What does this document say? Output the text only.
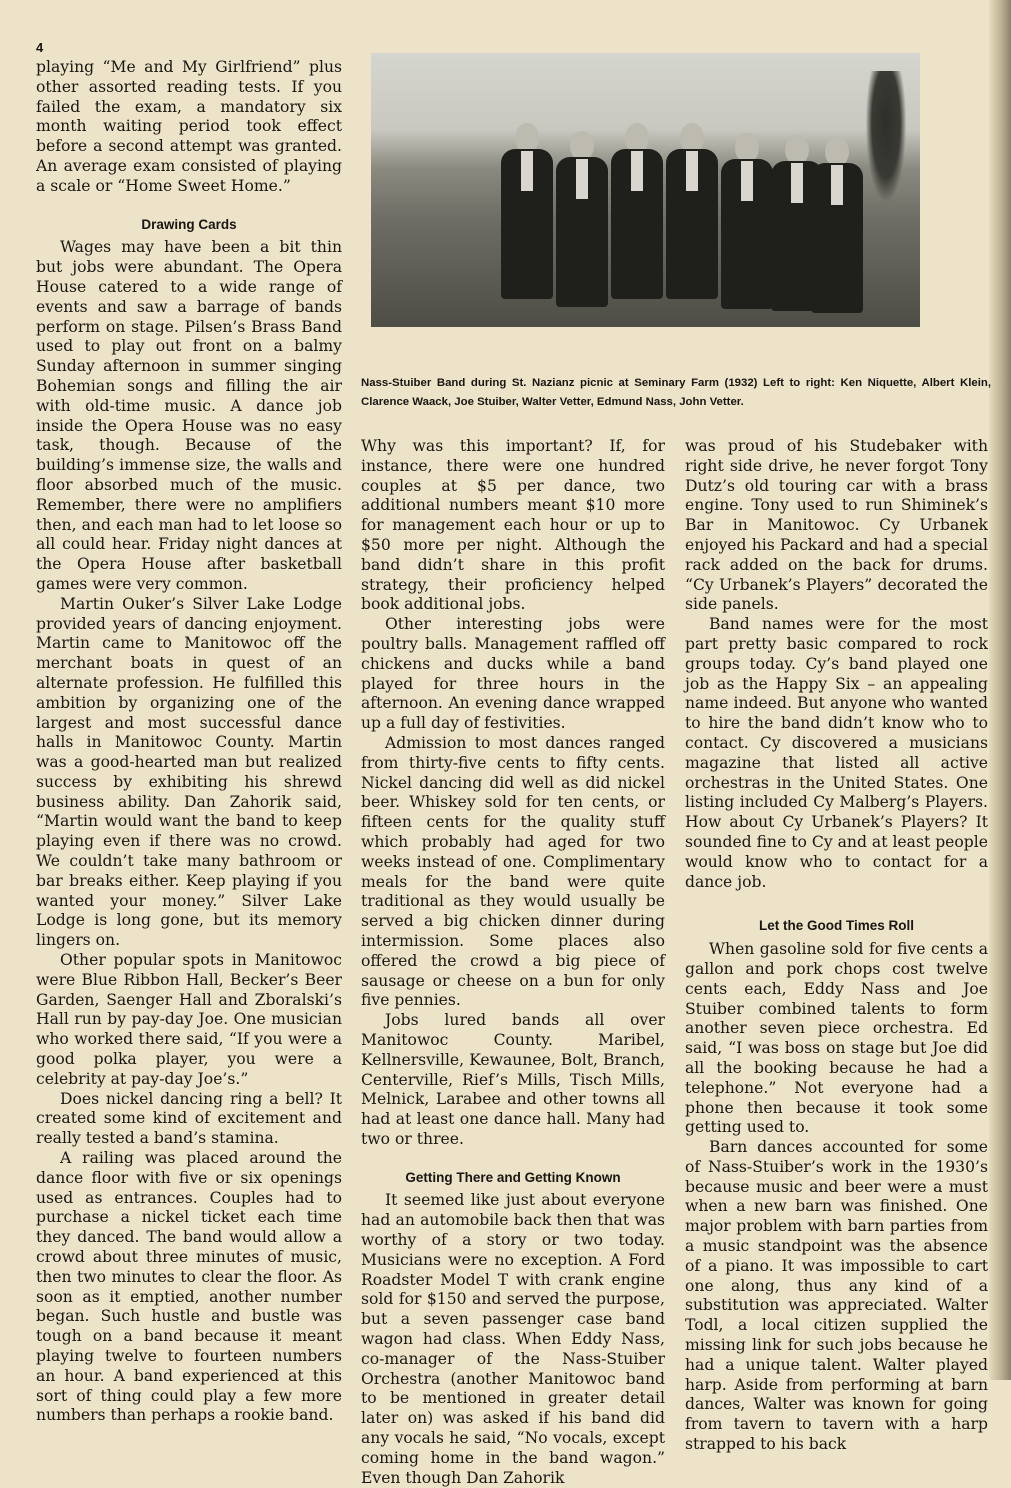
4

playing “Me and My Girlfriend” plus other assorted reading tests. If you failed the exam, a mandatory six month waiting period took effect before a second attempt was granted. An average exam consisted of playing a scale or “Home Sweet Home.”

Drawing Cards

Wages may have been a bit thin but jobs were abundant. The Opera House catered to a wide range of events and saw a barrage of bands perform on stage. Pilsen’s Brass Band used to play out front on a balmy Sunday afternoon in summer singing Bohemian songs and filling the air with old-time music. A dance job inside the Opera House was no easy task, though. Because of the building’s immense size, the walls and floor absorbed much of the music. Remember, there were no amplifiers then, and each man had to let loose so all could hear. Friday night dances at the Opera House after basketball games were very common.

Martin Ouker’s Silver Lake Lodge provided years of dancing enjoyment. Martin came to Manitowoc off the merchant boats in quest of an alternate profession. He fulfilled this ambition by organizing one of the largest and most successful dance halls in Manitowoc County. Martin was a good-hearted man but realized success by exhibiting his shrewd business ability. Dan Zahorik said, “Martin would want the band to keep playing even if there was no crowd. We couldn’t take many bathroom or bar breaks either. Keep playing if you wanted your money.” Silver Lake Lodge is long gone, but its memory lingers on.

Other popular spots in Manitowoc were Blue Ribbon Hall, Becker’s Beer Garden, Saenger Hall and Zboralski’s Hall run by pay-day Joe. One musician who worked there said, “If you were a good polka player, you were a celebrity at pay-day Joe’s.”

Does nickel dancing ring a bell? It created some kind of excitement and really tested a band’s stamina.

A railing was placed around the dance floor with five or six openings used as entrances. Couples had to purchase a nickel ticket each time they danced. The band would allow a crowd about three minutes of music, then two minutes to clear the floor. As soon as it emptied, another number began. Such hustle and bustle was tough on a band because it meant playing twelve to fourteen numbers an hour. A band experienced at this sort of thing could play a few more numbers than perhaps a rookie band.

Nass-Stuiber Band during St. Nazianz picnic at Seminary Farm (1932) Left to right: Ken Niquette, Albert Klein, Clarence Waack, Joe Stuiber, Walter Vetter, Edmund Nass, John Vetter.

Why was this important? If, for instance, there were one hundred couples at $5 per dance, two additional numbers meant $10 more for management each hour or up to $50 more per night. Although the band didn’t share in this profit strategy, their proficiency helped book additional jobs.

Other interesting jobs were poultry balls. Management raffled off chickens and ducks while a band played for three hours in the afternoon. An evening dance wrapped up a full day of festivities.

Admission to most dances ranged from thirty-five cents to fifty cents. Nickel dancing did well as did nickel beer. Whiskey sold for ten cents, or fifteen cents for the quality stuff which probably had aged for two weeks instead of one. Complimentary meals for the band were quite traditional as they would usually be served a big chicken dinner during intermission. Some places also offered the crowd a big piece of sausage or cheese on a bun for only five pennies.

Jobs lured bands all over Manitowoc County. Maribel, Kellnersville, Kewaunee, Bolt, Branch, Centerville, Rief’s Mills, Tisch Mills, Melnick, Larabee and other towns all had at least one dance hall. Many had two or three.

Getting There and Getting Known

It seemed like just about everyone had an automobile back then that was worthy of a story or two today. Musicians were no exception. A Ford Roadster Model T with crank engine sold for $150 and served the purpose, but a seven passenger case band wagon had class. When Eddy Nass, co-manager of the Nass-Stuiber Orchestra (another Manitowoc band to be mentioned in greater detail later on) was asked if his band did any vocals he said, “No vocals, except coming home in the band wagon.” Even though Dan Zahorik

was proud of his Studebaker with right side drive, he never forgot Tony Dutz’s old touring car with a brass engine. Tony used to run Shiminek’s Bar in Manitowoc. Cy Urbanek enjoyed his Packard and had a special rack added on the back for drums. “Cy Urbanek’s Players” decorated the side panels.

Band names were for the most part pretty basic compared to rock groups today. Cy’s band played one job as the Happy Six – an appealing name indeed. But anyone who wanted to hire the band didn’t know who to contact. Cy discovered a musicians magazine that listed all active orchestras in the United States. One listing included Cy Malberg’s Players. How about Cy Urbanek’s Players? It sounded fine to Cy and at least people would know who to contact for a dance job.

Let the Good Times Roll

When gasoline sold for five cents a gallon and pork chops cost twelve cents each, Eddy Nass and Joe Stuiber combined talents to form another seven piece orchestra. Ed said, “I was boss on stage but Joe did all the booking because he had a telephone.” Not everyone had a phone then because it took some getting used to.

Barn dances accounted for some of Nass-Stuiber’s work in the 1930’s because music and beer were a must when a new barn was finished. One major problem with barn parties from a music standpoint was the absence of a piano. It was impossible to cart one along, thus any kind of a substitution was appreciated. Walter Todl, a local citizen supplied the missing link for such jobs because he had a unique talent. Walter played harp. Aside from performing at barn dances, Walter was known for going from tavern to tavern with a harp strapped to his back
